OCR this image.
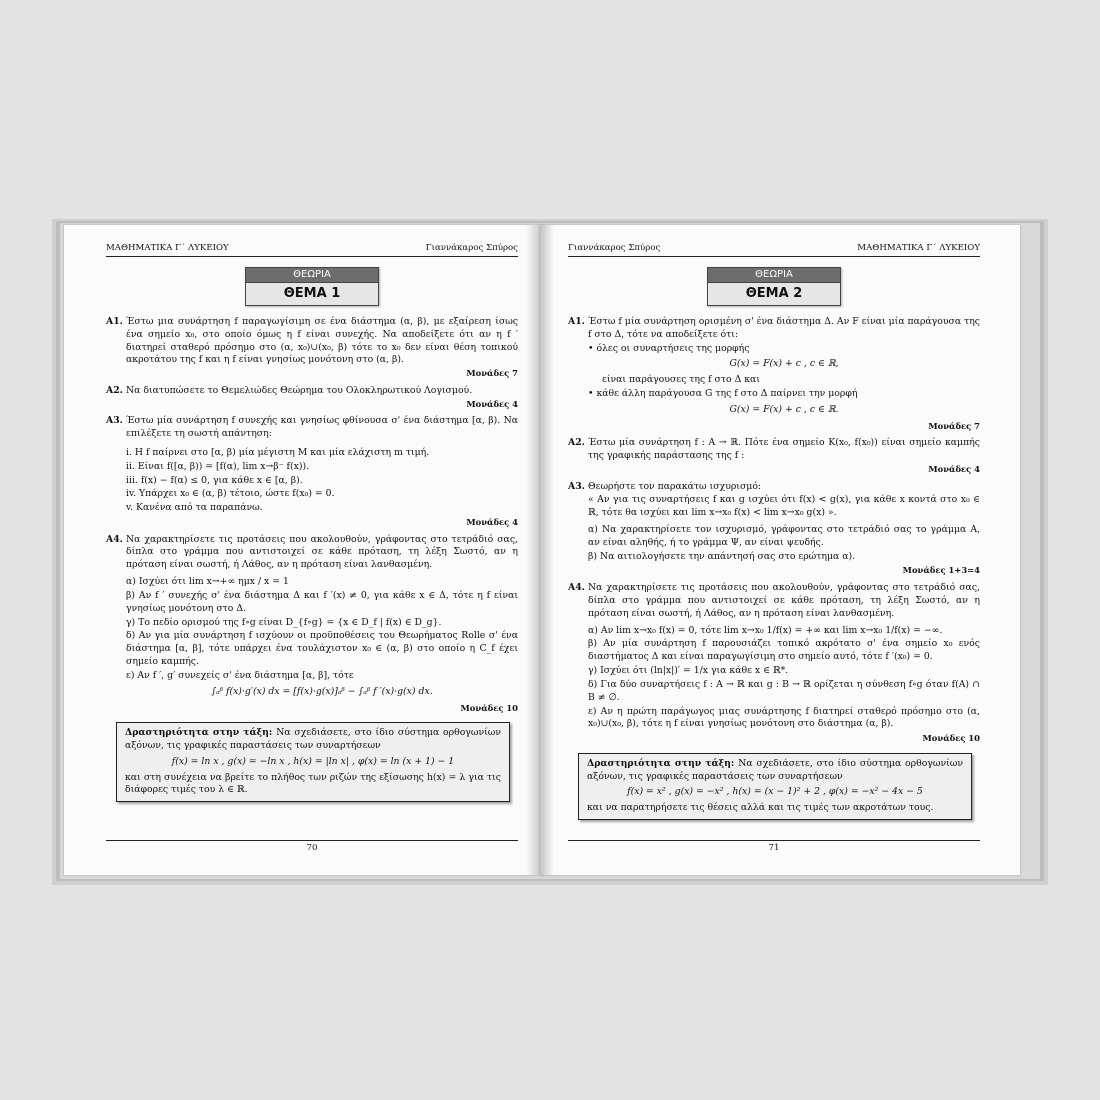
ΜΑΘΗΜΑΤΙΚΑ Γ΄ ΛΥΚΕΙΟΥ	Γιαννάκαρος Σπύρος
ΘΕΩΡΙΑ
ΘΕΜΑ 1
Α1. Έστω μια συνάρτηση f παραγωγίσιμη σε ένα διάστημα (α, β), με εξαίρεση ίσως ένα σημείο x₀, στο οποίο όμως η f είναι συνεχής. Να αποδείξετε ότι αν η f ′ διατηρεί σταθερό πρόσημο στο (α, x₀)∪(x₀, β) τότε το x₀ δεν είναι θέση τοπικού ακροτάτου της f και η f είναι γνησίως μονότονη στο (α, β).
Μονάδες 7
Α2. Να διατυπώσετε το Θεμελιώδες Θεώρημα του Ολοκληρωτικού Λογισμού.
Μονάδες 4
Α3. Έστω μία συνάρτηση f συνεχής και γνησίως φθίνουσα σ' ένα διάστημα [α, β). Να επιλέξετε τη σωστή απάντηση:
i. Η f παίρνει στο [α, β) μία μέγιστη Μ και μία ελάχιστη m τιμή.
ii. Είναι f([α, β)) = [f(α), lim x→β⁻ f(x)).
iii. f(x) − f(α) ≤ 0, για κάθε x ∈ [α, β).
iv. Υπάρχει x₀ ∈ (α, β) τέτοιο, ώστε f(x₀) = 0.
v. Κανένα από τα παραπάνω.
Μονάδες 4
Α4. Να χαρακτηρίσετε τις προτάσεις που ακολουθούν, γράφοντας στο τετράδιό σας, δίπλα στο γράμμα που αντιστοιχεί σε κάθε πρόταση, τη λέξη Σωστό, αν η πρόταση είναι σωστή, ή Λάθος, αν η πρόταση είναι λανθασμένη.
α) Ισχύει ότι lim x→+∞ ημx / x = 1
β) Αν f ′ συνεχής σ' ένα διάστημα Δ και f ′(x) ≠ 0, για κάθε x ∈ Δ, τότε η f είναι γνησίως μονότονη στο Δ.
γ) Το πεδίο ορισμού της f∘g είναι D_{f∘g} = {x ∈ D_f | f(x) ∈ D_g}.
δ) Αν για μία συνάρτηση f ισχύουν οι προϋποθέσεις του Θεωρήματος Rolle σ' ένα διάστημα [α, β], τότε υπάρχει ένα τουλάχιστον x₀ ∈ (α, β) στο οποίο η C_f έχει σημείο καμπής.
ε) Αν f ′, g′ συνεχείς σ' ένα διάστημα [α, β], τότε
∫ₐᵝ f(x)·g′(x) dx = [f(x)·g(x)]ₐᵝ − ∫ₐᵝ f ′(x)·g(x) dx.
Μονάδες 10
Δραστηριότητα στην τάξη: Να σχεδιάσετε, στο ίδιο σύστημα ορθογωνίων αξόνων, τις γραφικές παραστάσεις των συναρτήσεων
f(x) = ln x , g(x) = −ln x , h(x) = |ln x| , φ(x) = ln (x + 1) − 1
και στη συνέχεια να βρείτε το πλήθος των ριζών της εξίσωσης h(x) = λ για τις διάφορες τιμές του λ ∈ ℝ.
70
Γιαννάκαρος Σπύρος	ΜΑΘΗΜΑΤΙΚΑ Γ΄ ΛΥΚΕΙΟΥ
ΘΕΩΡΙΑ
ΘΕΜΑ 2
Α1. Έστω f μία συνάρτηση ορισμένη σ' ένα διάστημα Δ. Αν F είναι μία παράγουσα της f στο Δ, τότε να αποδείξετε ότι:
• όλες οι συναρτήσεις της μορφής
G(x) = F(x) + c , c ∈ ℝ,
είναι παράγουσες της f στο Δ και
• κάθε άλλη παράγουσα G της f στο Δ παίρνει την μορφή
G(x) = F(x) + c , c ∈ ℝ.
Μονάδες 7
Α2. Έστω μία συνάρτηση f : A → ℝ. Πότε ένα σημείο K(x₀, f(x₀)) είναι σημείο καμπής της γραφικής παράστασης της f :
Μονάδες 4
Α3. Θεωρήστε τον παρακάτω ισχυρισμό:
« Αν για τις συναρτήσεις f και g ισχύει ότι f(x) < g(x), για κάθε x κοντά στο x₀ ∈ ℝ, τότε θα ισχύει και lim x→x₀ f(x) < lim x→x₀ g(x) ».
α) Να χαρακτηρίσετε τον ισχυρισμό, γράφοντας στο τετράδιό σας το γράμμα Α, αν είναι αληθής, ή το γράμμα Ψ, αν είναι ψευδής.
β) Να αιτιολογήσετε την απάντησή σας στο ερώτημα α).
Μονάδες 1+3=4
Α4. Να χαρακτηρίσετε τις προτάσεις που ακολουθούν, γράφοντας στο τετράδιό σας, δίπλα στο γράμμα που αντιστοιχεί σε κάθε πρόταση, τη λέξη Σωστό, αν η πρόταση είναι σωστή, ή Λάθος, αν η πρόταση είναι λανθασμένη.
α) Αν lim x→x₀ f(x) = 0, τότε lim x→x₀ 1/f(x) = +∞ και lim x→x₀ 1/f(x) = −∞.
β) Αν μία συνάρτηση f παρουσιάζει τοπικό ακρότατο σ' ένα σημείο x₀ ενός διαστήματος Δ και είναι παραγωγίσιμη στο σημείο αυτό, τότε f ′(x₀) = 0.
γ) Ισχύει ότι (ln|x|)′ = 1/x για κάθε x ∈ ℝ*.
δ) Για δύο συναρτήσεις f : A → ℝ και g : B → ℝ ορίζεται η σύνθεση f∘g όταν f(A) ∩ B ≠ ∅.
ε) Αν η πρώτη παράγωγος μιας συνάρτησης f διατηρεί σταθερό πρόσημο στο (α, x₀)∪(x₀, β), τότε η f είναι γνησίως μονότονη στο διάστημα (α, β).
Μονάδες 10
Δραστηριότητα στην τάξη: Να σχεδιάσετε, στο ίδιο σύστημα ορθογωνίων αξόνων, τις γραφικές παραστάσεις των συναρτήσεων
f(x) = x² , g(x) = −x² , h(x) = (x − 1)² + 2 , φ(x) = −x² − 4x − 5
και να παρατηρήσετε τις θέσεις αλλά και τις τιμές των ακροτάτων τους.
71
